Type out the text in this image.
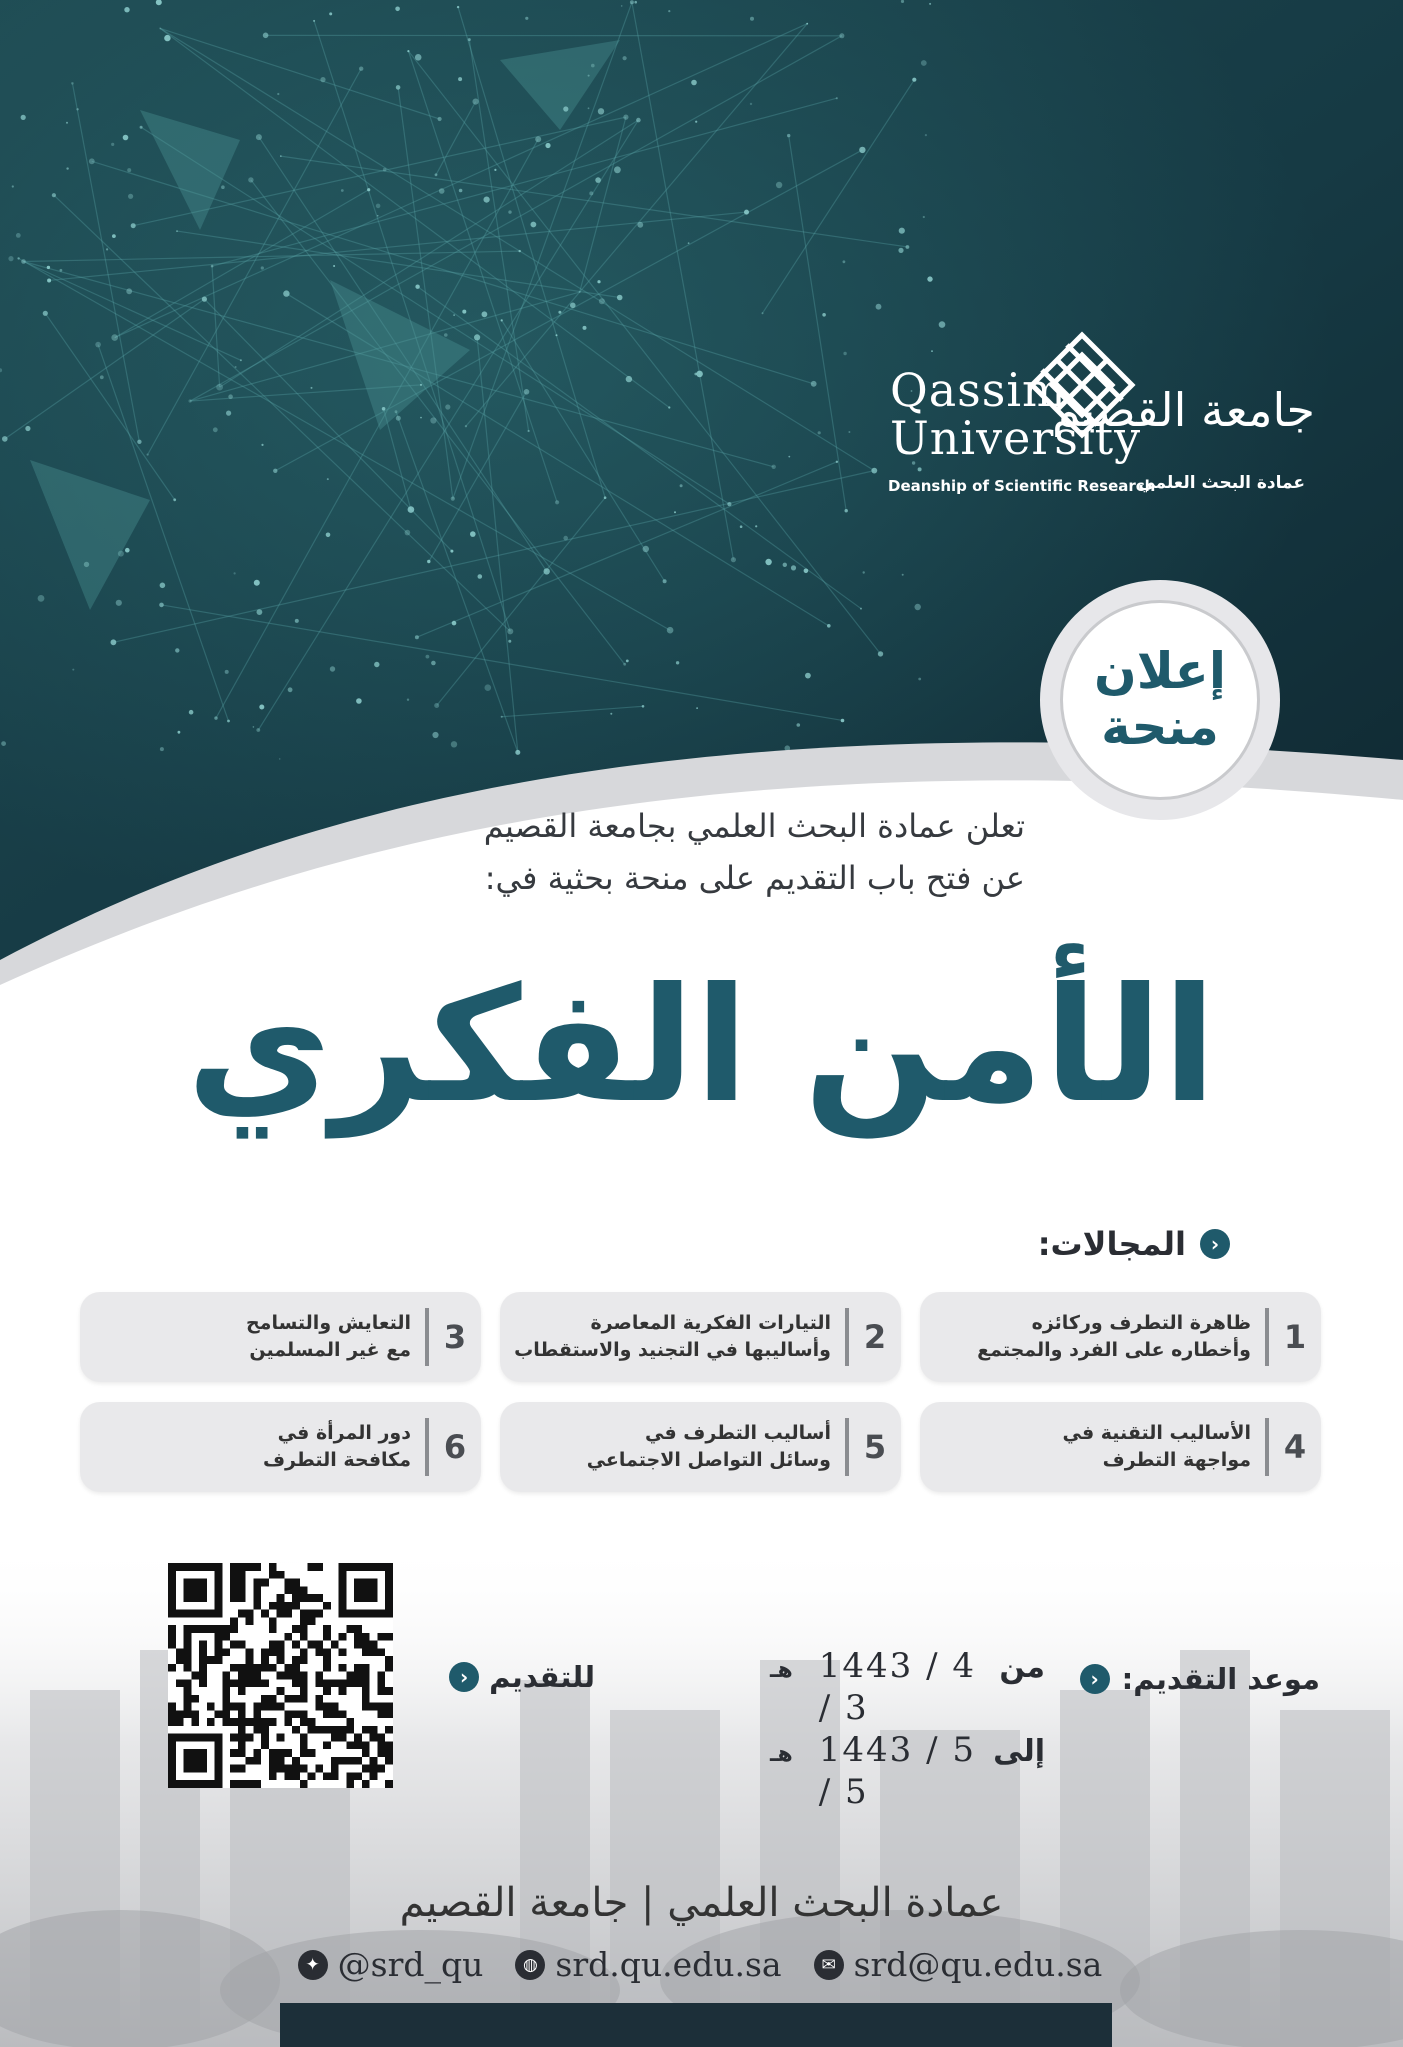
Qassim
University
جامعة القصيم
Deanship of Scientific Research
عمادة البحث العلمي
إعلان
منحة
تعلن عمادة البحث العلمي بجامعة القصيم
عن فتح باب التقديم على منحة بحثية في:
الأمن الفكري
‹
المجالات:
1
ظاهرة التطرف وركائزه
وأخطاره على الفرد والمجتمع
2
التيارات الفكرية المعاصرة
وأساليبها في التجنيد والاستقطاب
3
التعايش والتسامح
مع غير المسلمين
4
الأساليب التقنية في
مواجهة التطرف
5
أساليب التطرف في
وسائل التواصل الاجتماعي
6
دور المرأة في
مكافحة التطرف
موعد التقديم:
‹
من
1443 / 4 / 3
هـ
إلى
1443 / 5 / 5
هـ
للتقديم
‹
عمادة البحث العلمي | جامعة القصيم
✦ @srd_qu	◍ srd.qu.edu.sa	✉ srd@qu.edu.sa
